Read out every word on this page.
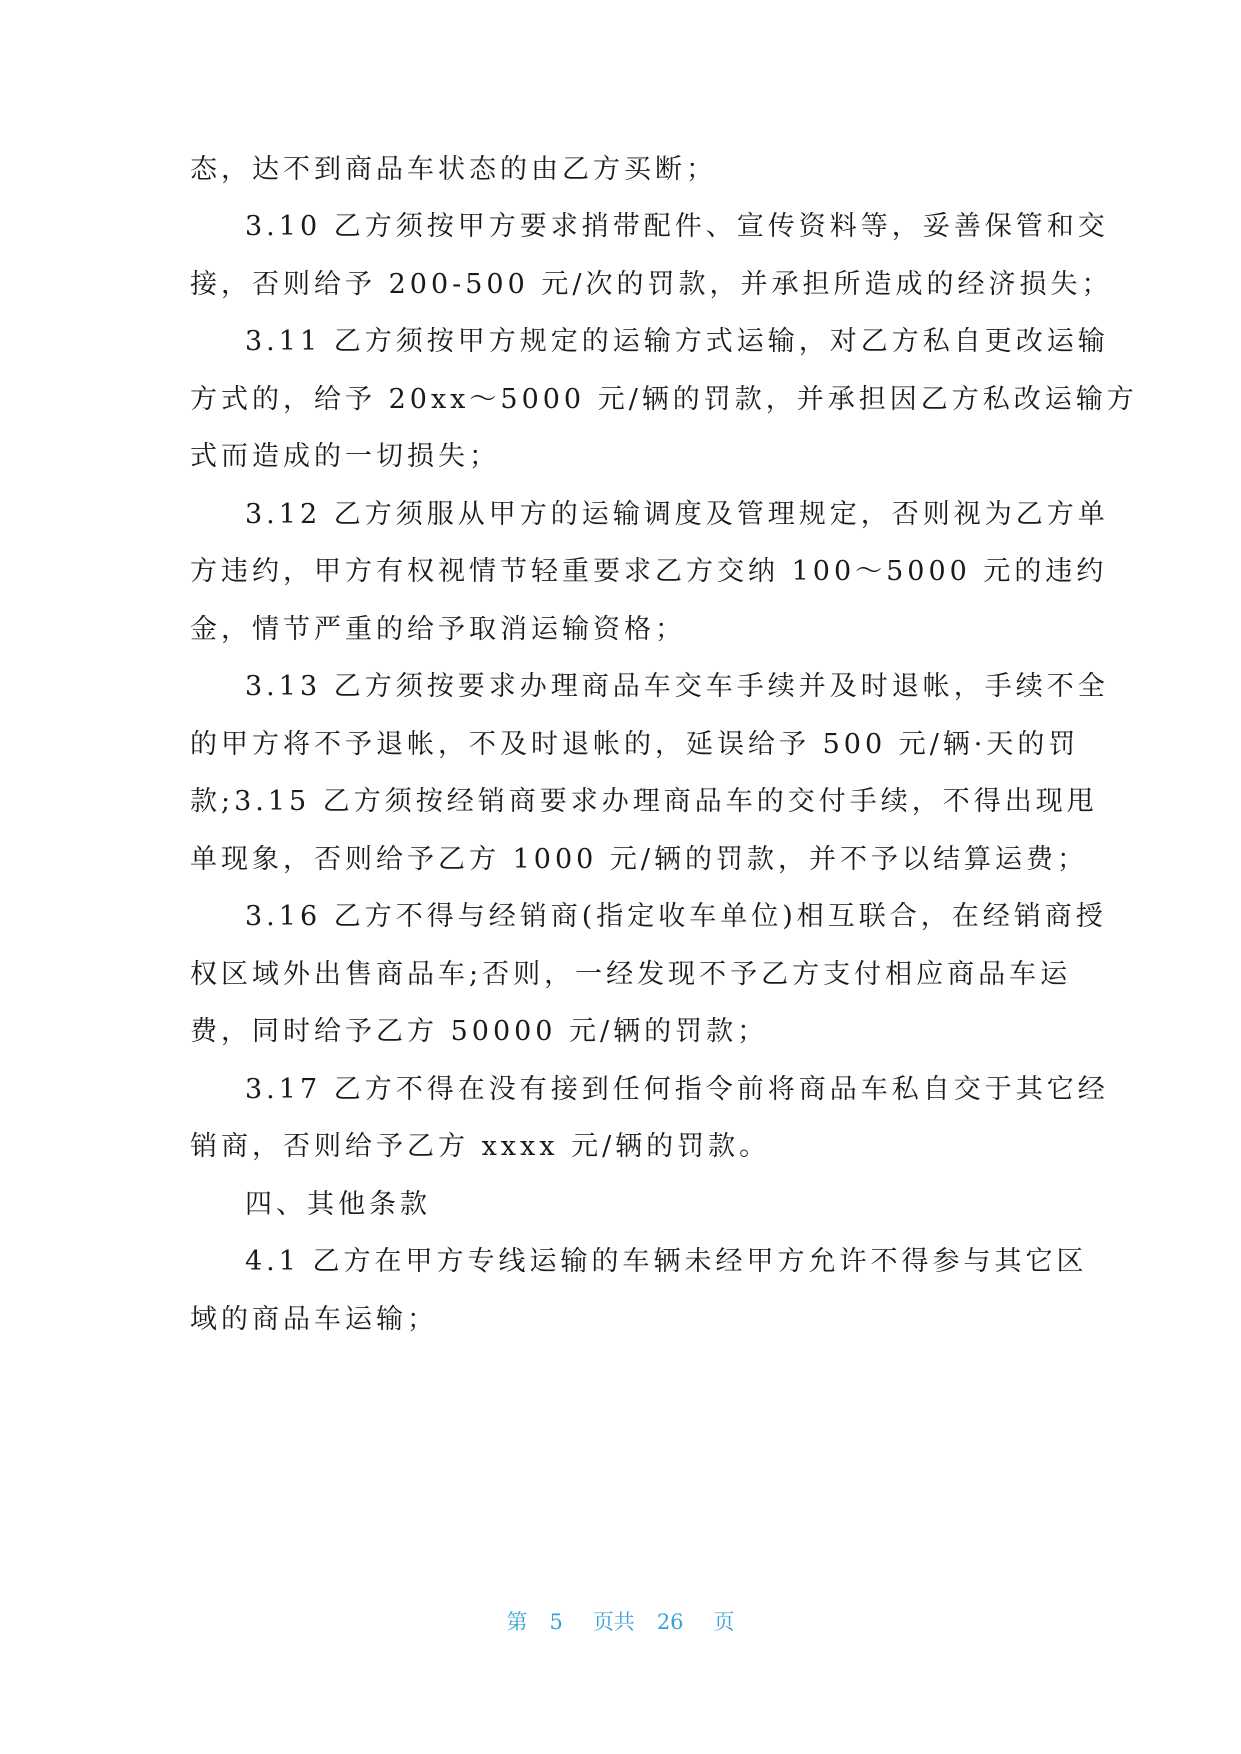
态，达不到商品车状态的由乙方买断；
3.10 乙方须按甲方要求捎带配件、宣传资料等，妥善保管和交
接，否则给予 200-500 元/次的罚款，并承担所造成的经济损失；
3.11 乙方须按甲方规定的运输方式运输，对乙方私自更改运输
方式的，给予 20xx～5000 元/辆的罚款，并承担因乙方私改运输方
式而造成的一切损失；
3.12 乙方须服从甲方的运输调度及管理规定，否则视为乙方单
方违约，甲方有权视情节轻重要求乙方交纳 100～5000 元的违约
金，情节严重的给予取消运输资格；
3.13 乙方须按要求办理商品车交车手续并及时退帐，手续不全
的甲方将不予退帐，不及时退帐的，延误给予 500 元/辆·天的罚
款;3.15 乙方须按经销商要求办理商品车的交付手续，不得出现甩
单现象，否则给予乙方 1000 元/辆的罚款，并不予以结算运费；
3.16 乙方不得与经销商(指定收车单位)相互联合，在经销商授
权区域外出售商品车;否则，一经发现不予乙方支付相应商品车运
费，同时给予乙方 50000 元/辆的罚款；
3.17 乙方不得在没有接到任何指令前将商品车私自交于其它经
销商，否则给予乙方 xxxx 元/辆的罚款。
四、其他条款
4.1 乙方在甲方专线运输的车辆未经甲方允许不得参与其它区
域的商品车运输；
第 5 页共 26 页
